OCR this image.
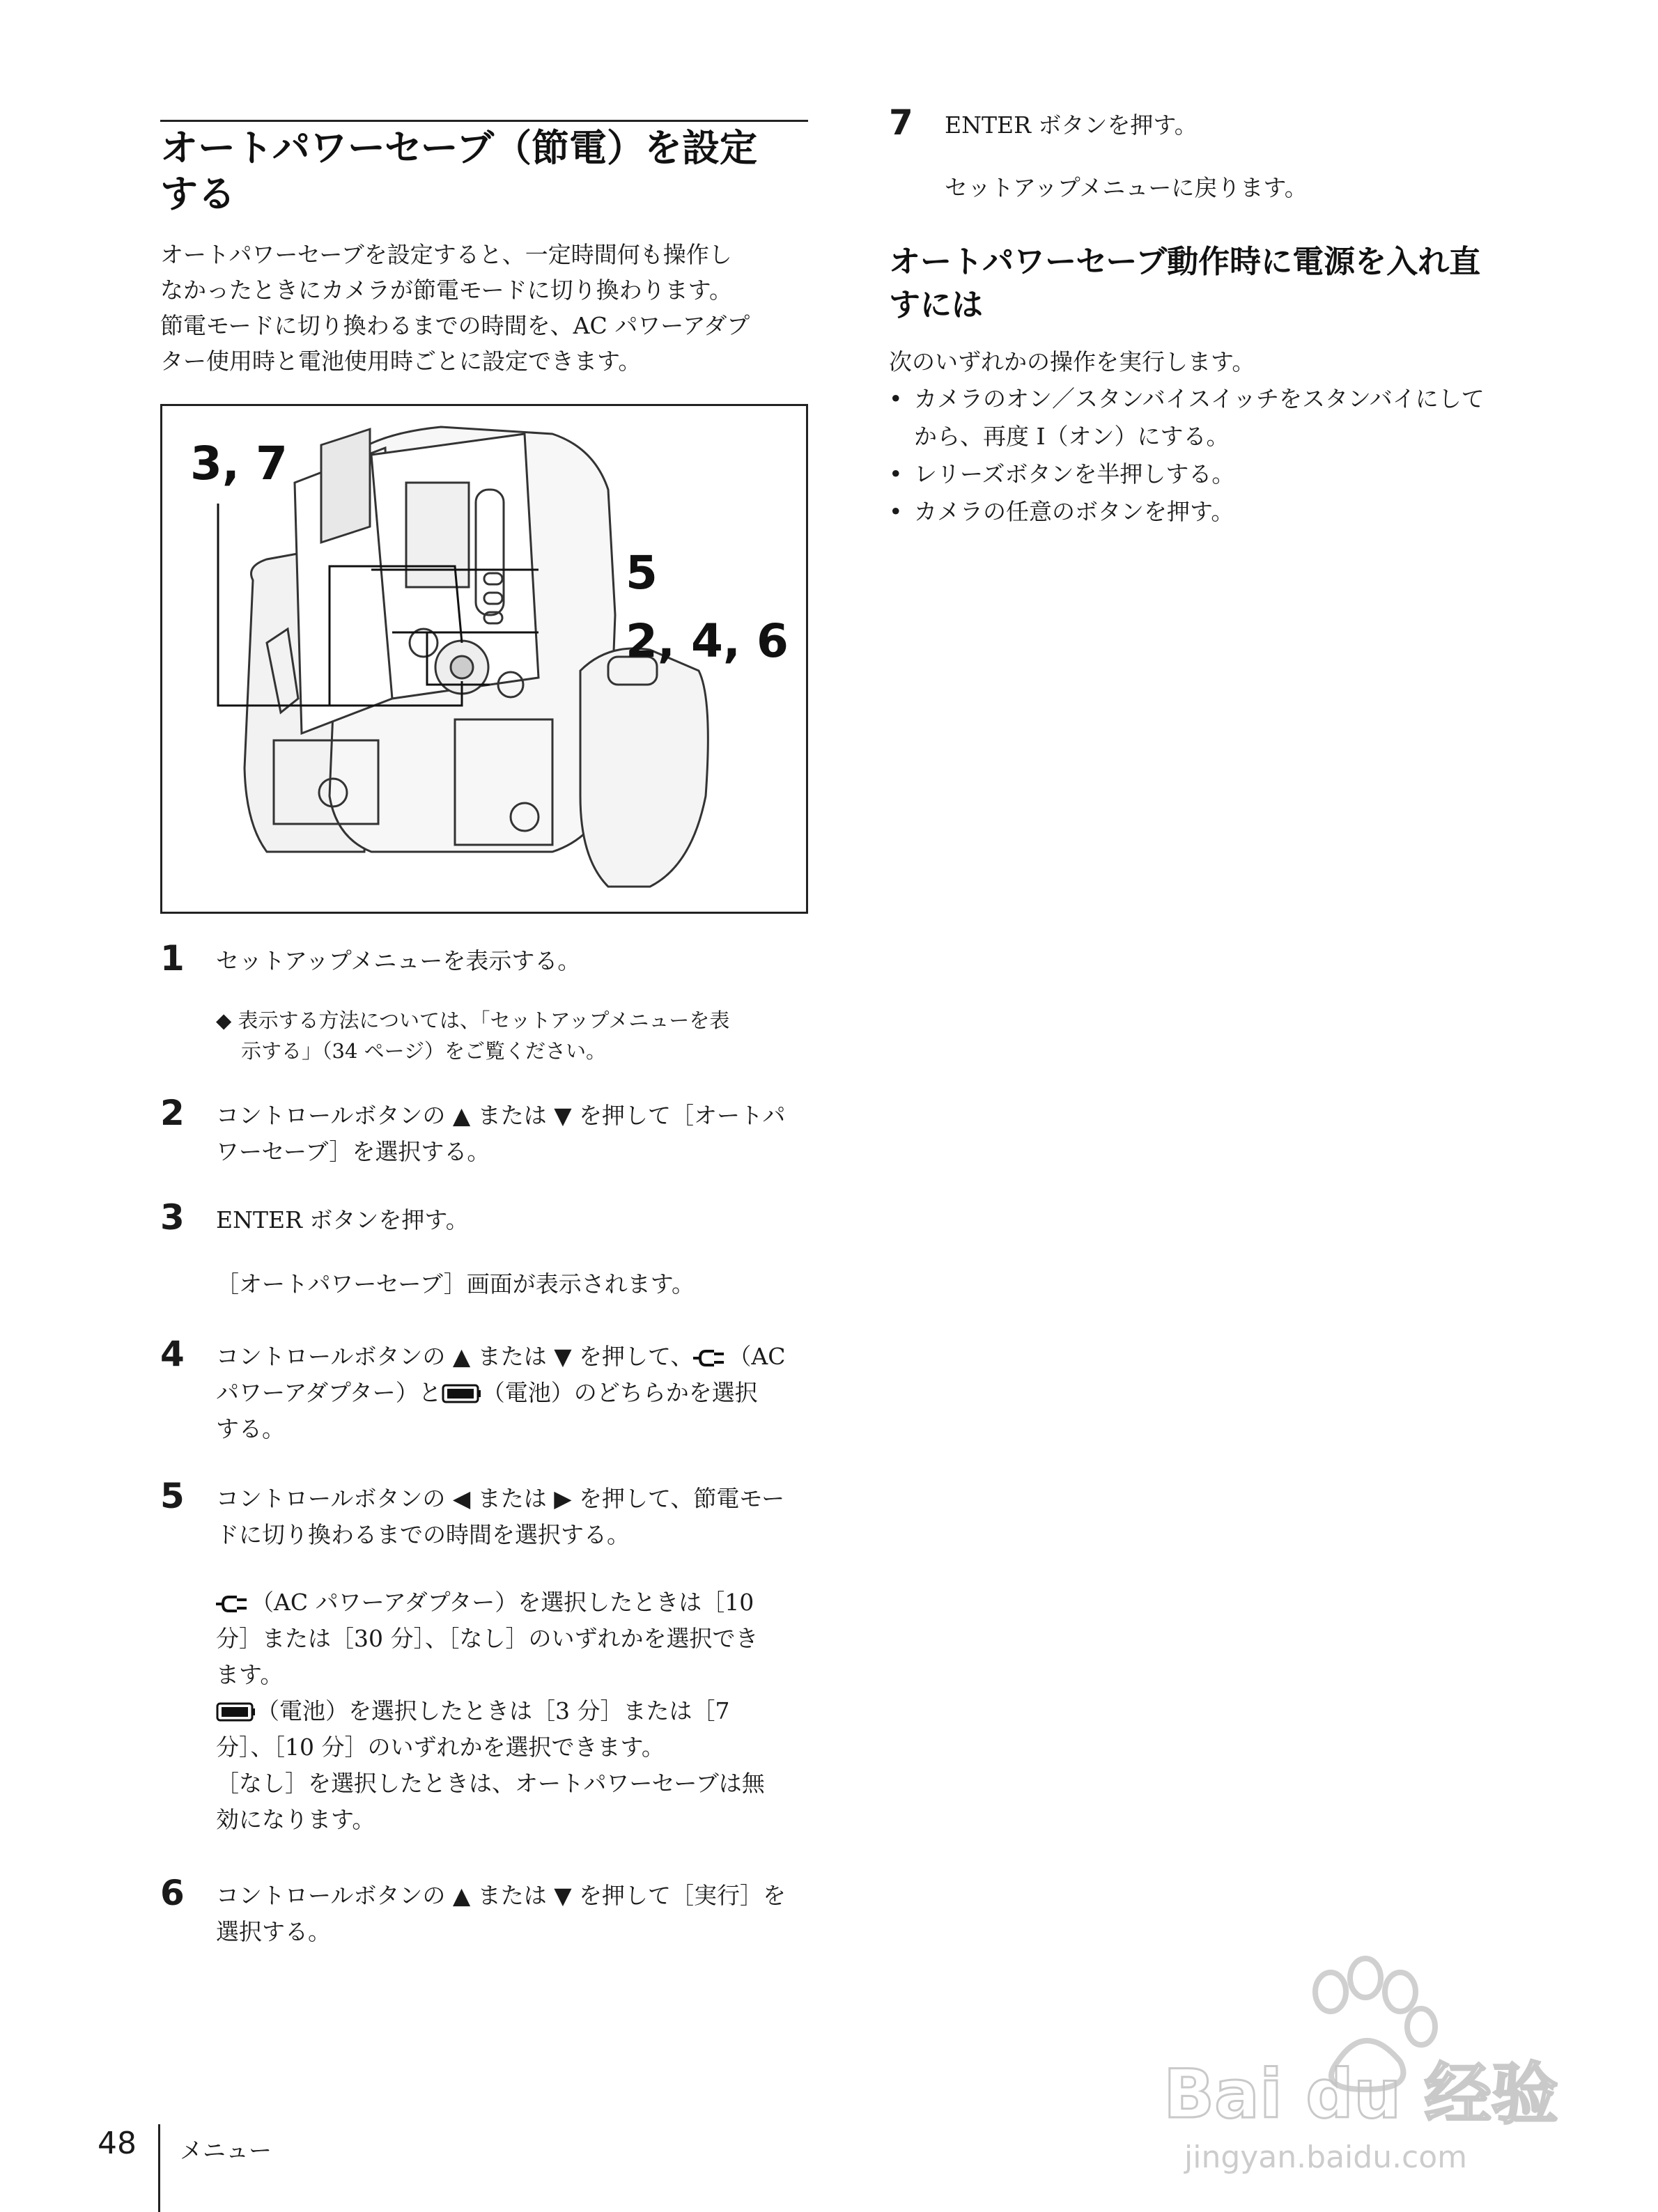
オートパワーセーブ（節電）を設定
する
オートパワーセーブを設定すると、一定時間何も操作し
なかったときにカメラが節電モードに切り換わります。
節電モードに切り換わるまでの時間を、AC パワーアダプ
ター使用時と電池使用時ごとに設定できます。
3, 7
5
2, 4, 6
1 セットアップメニューを表示する。
◆ 表示する方法については、「セットアップメニューを表
示する」（34 ページ）をご覧ください。
2 コントロールボタンの ▲ または ▼ を押して［オートパ
ワーセーブ］を選択する。
3 ENTER ボタンを押す。
［オートパワーセーブ］画面が表示されます。
4 コントロールボタンの ▲ または ▼ を押して、 （AC
パワーアダプター）と （電池）のどちらかを選択
する。
5 コントロールボタンの ◀ または ▶ を押して、節電モー
ドに切り換わるまでの時間を選択する。
（AC パワーアダプター）を選択したときは［10
分］または［30 分］、［なし］のいずれかを選択でき
ます。
（電池）を選択したときは［3 分］または［7
分］、［10 分］のいずれかを選択できます。
［なし］を選択したときは、オートパワーセーブは無
効になります。
6 コントロールボタンの ▲ または ▼ を押して［実行］を
選択する。
7 ENTER ボタンを押す。
セットアップメニューに戻ります。
オートパワーセーブ動作時に電源を入れ直
すには
次のいずれかの操作を実行します。
• カメラのオン／スタンバイスイッチをスタンバイにして
から、再度 I（オン）にする。
• レリーズボタンを半押しする。
• カメラの任意のボタンを押す。
48 メニュー
Bai du 经验
jingyan.baidu.com
